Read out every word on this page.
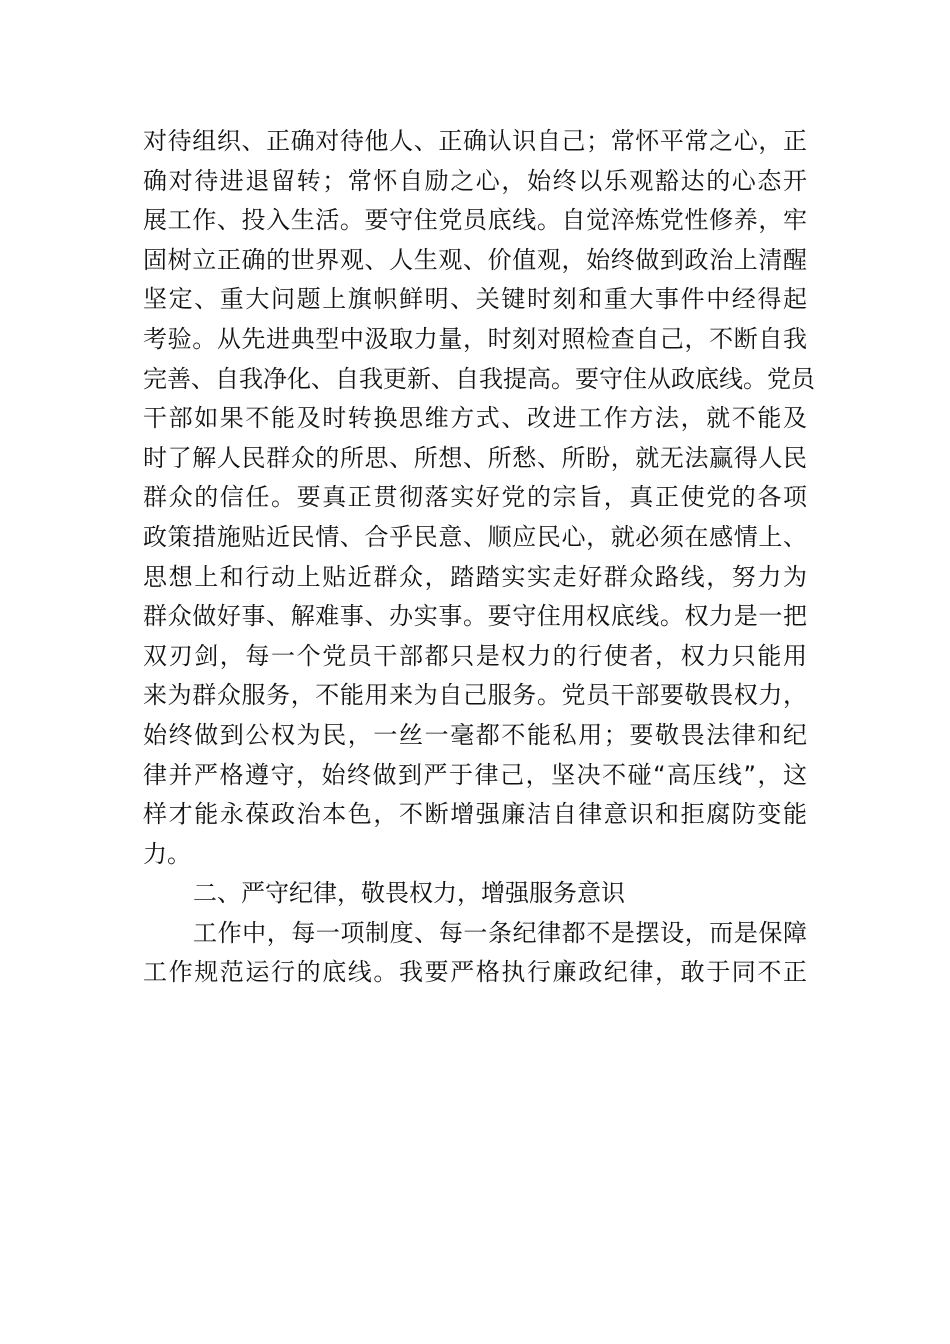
对待组织、正确对待他人、正确认识自己；常怀平常之心，正
确对待进退留转；常怀自励之心，始终以乐观豁达的心态开
展工作、投入生活。要守住党员底线。自觉淬炼党性修养，牢
固树立正确的世界观、人生观、价值观，始终做到政治上清醒
坚定、重大问题上旗帜鲜明、关键时刻和重大事件中经得起
考验。从先进典型中汲取力量，时刻对照检查自己，不断自我
完善、自我净化、自我更新、自我提高。要守住从政底线。党员
干部如果不能及时转换思维方式、改进工作方法，就不能及
时了解人民群众的所思、所想、所愁、所盼，就无法赢得人民
群众的信任。要真正贯彻落实好党的宗旨，真正使党的各项
政策措施贴近民情、合乎民意、顺应民心，就必须在感情上、
思想上和行动上贴近群众，踏踏实实走好群众路线，努力为
群众做好事、解难事、办实事。要守住用权底线。权力是一把
双刃剑，每一个党员干部都只是权力的行使者，权力只能用
来为群众服务，不能用来为自己服务。党员干部要敬畏权力，
始终做到公权为民，一丝一毫都不能私用；要敬畏法律和纪
律并严格遵守，始终做到严于律己，坚决不碰“高压线”，这
样才能永葆政治本色，不断增强廉洁自律意识和拒腐防变能
力。
二、严守纪律，敬畏权力，增强服务意识
工作中，每一项制度、每一条纪律都不是摆设，而是保障
工作规范运行的底线。我要严格执行廉政纪律，敢于同不正
